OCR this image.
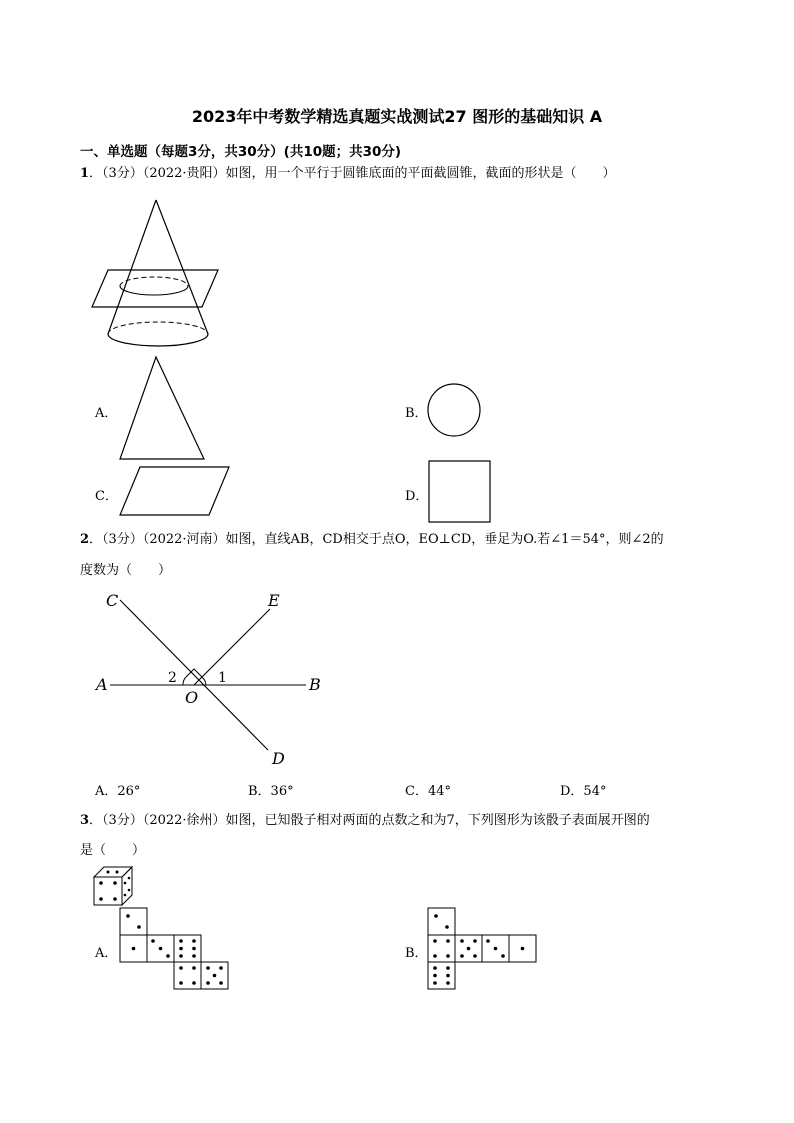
2023年中考数学精选真题实战测试27 图形的基础知识 A
一、单选题（每题3分，共30分）(共10题；共30分)
1．（3分）（2022·贵阳）如图，用一个平行于圆锥底面的平面截圆锥，截面的形状是（　　）
A．	B．
C．	D．
2．（3分）（2022·河南）如图，直线AB，CD相交于点O，EO⊥CD，垂足为O.若∠1＝54°，则∠2的
度数为（　　）
C	E
A	B
O
D
2	1
A．26°	B．36°	C．44°	D．54°
3．（3分）（2022·徐州）如图，已知骰子相对两面的点数之和为7，下列图形为该骰子表面展开图的
是（　　）
A．	B．
